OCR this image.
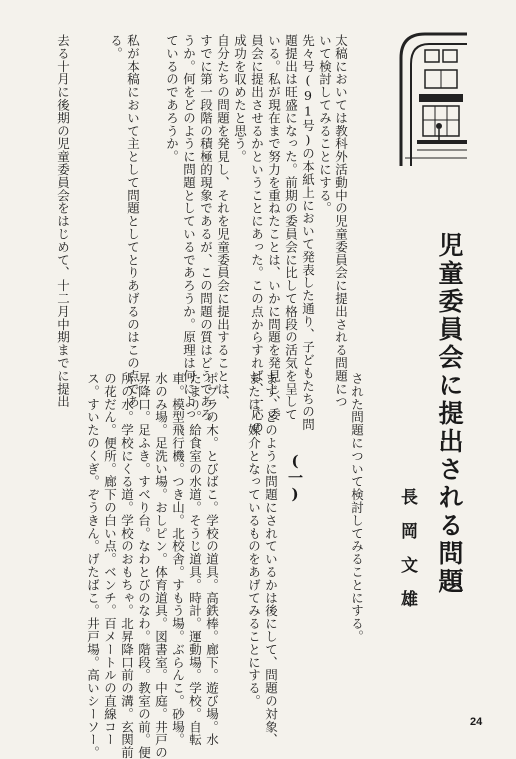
児童委員会に提出される問題
長岡文雄
(一)
太稿においては教科外活動中の児童委員会に提出される問題につ
いて検討してみることにする。
先々号(91号)の本紙上において発表した通り、子どもたちの問
題提出は旺盛になった。前期の委員会に比して格段の活気を呈して
いる。私が現在まで努力を重ねたことは、いかに問題を発見し、委
員会に提出させるかということにあった。この点からすれば、一応の
成功を収めたと思う。
自分たちの問題を発見し、それを児童委員会に提出することは、
すでに第一段階の積極的現象であるが、この問題の質はどうであろ
うか。何をどのように問題としているであろうか。原理は何によっ
ているのであろうか。
私が本稿において主として問題としてとりあげるのはこの点であ
る。
去る十月に後期の児童委員会をはじめて、十二月中期までに提出
された問題について検討してみることにする。
まず、どのように問題にされているかは後にして、問題の対象、
または、媒介となっているものをあげてみることにする。
ポプラの木。とびばこ。学校の道具。高鉄棒。廊下。遊び場。水
たまり。給食室の水道。そうじ道具。時計。運動場。学校。自転
車。模型飛行機。つき山。北校舎。すもう場。ぶらんこ。砂場。
水のみ場。足洗い場。おしピン。体育道具。図書室。中庭。井戸の
昇降口。足ふき。すべり台。なわとびのなわ。階段。教室の前。便
所の水。学校にくる道。学校のおもちゃ。北昇降口前の溝。玄関前
の花だん。便所。廊下の白い点。ベンチ。百メートルの直線コー
ス。すいたのくぎ。ぞうきん。げたばこ。井戸場。高いシーソー。	24
